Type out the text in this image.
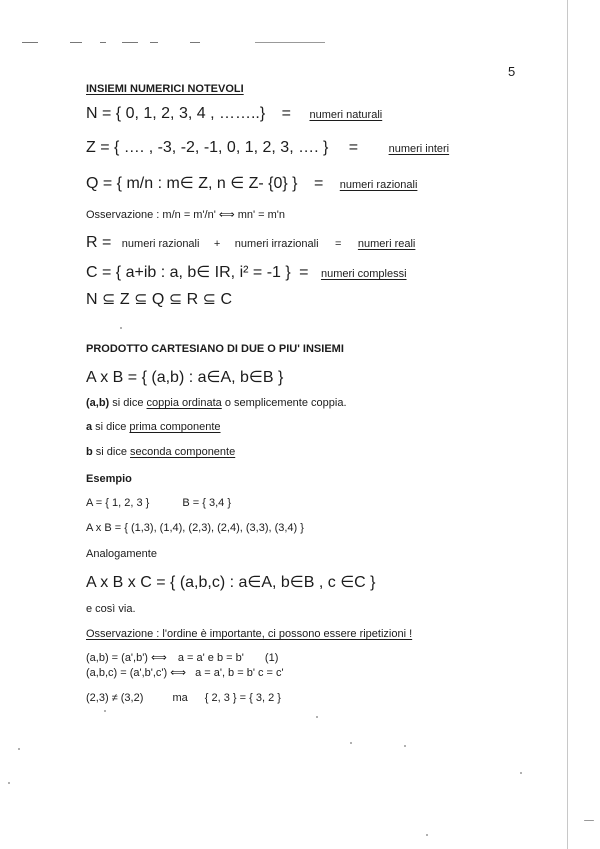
5
INSIEMI NUMERICI NOTEVOLI
N = { 0, 1, 2, 3, 4 , ……..} = numeri naturali
Z = { …. , -3, -2, -1, 0, 1, 2, 3, …. } =	numeri interi
Q = { m/n : m∈ Z, n ∈ Z- {0} } = numeri razionali
Osservazione : m/n = m'/n' ⟺ mn' = m'n
R = numeri razionali + numeri irrazionali = numeri reali
C = { a+ib : a, b∈ IR, i² = -1 } = numeri complessi
N ⊆ Z ⊆ Q ⊆ R ⊆ C
PRODOTTO CARTESIANO DI DUE O PIU' INSIEMI
A x B = { (a,b) : a∈A, b∈B }
(a,b) si dice coppia ordinata o semplicemente coppia.
a si dice prima componente
b si dice seconda componente
Esempio
A = { 1, 2, 3 }	B = { 3,4 }
A x B = { (1,3), (1,4), (2,3), (2,4), (3,3), (3,4) }
Analogamente
A x B x C = { (a,b,c) : a∈A, b∈B , c ∈C }
e così via.
Osservazione : l'ordine è importante, ci possono essere ripetizioni !
(a,b) = (a',b') ⟺ a = a' e b = b' (1)
(a,b,c) = (a',b',c') ⟺ a = a', b = b' c = c'
(2,3) ≠ (3,2)	ma { 2, 3 } = { 3, 2 }
